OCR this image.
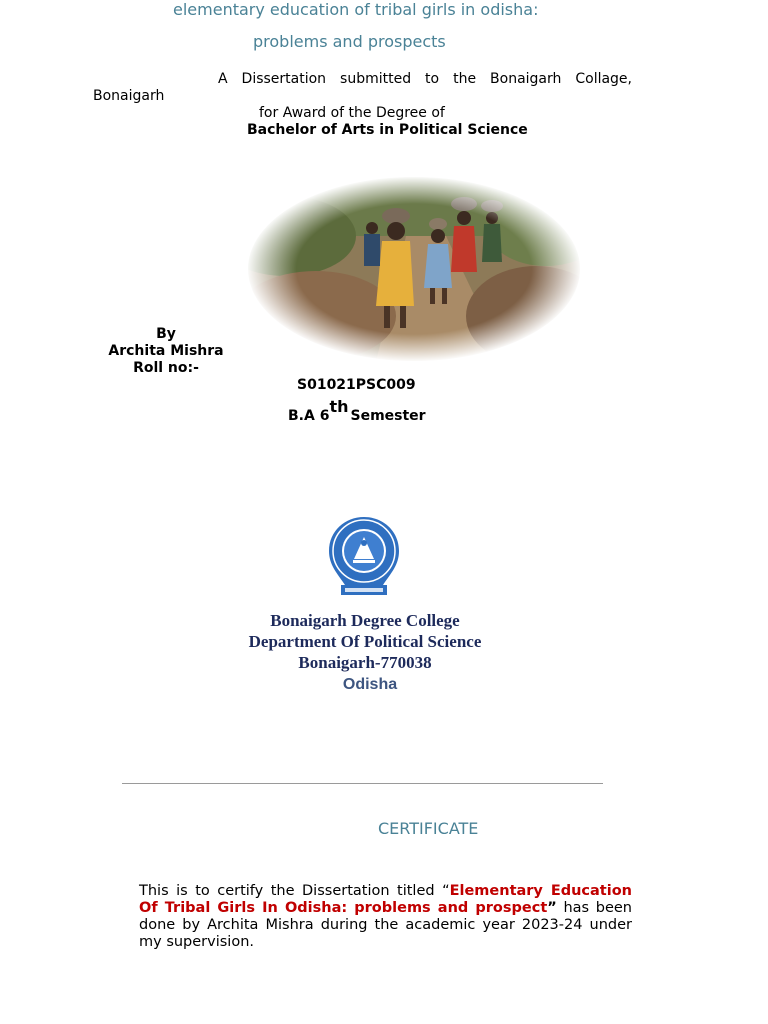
elementary education of tribal girls in odisha:
problems and prospects
A Dissertation submitted to the Bonaigarh Collage,
Bonaigarh
for Award of the Degree of
Bachelor of Arts in Political Science
By
Archita Mishra
Roll no:-
S01021PSC009
B.A 6th Semester
Bonaigarh Degree College
Department Of Political Science
Bonaigarh-770038
Odisha
CERTIFICATE
This is to certify the Dissertation titled “Elementary Education Of Tribal Girls In Odisha: problems and prospect” has been done by Archita Mishra during the academic year 2023-24 under my supervision.
